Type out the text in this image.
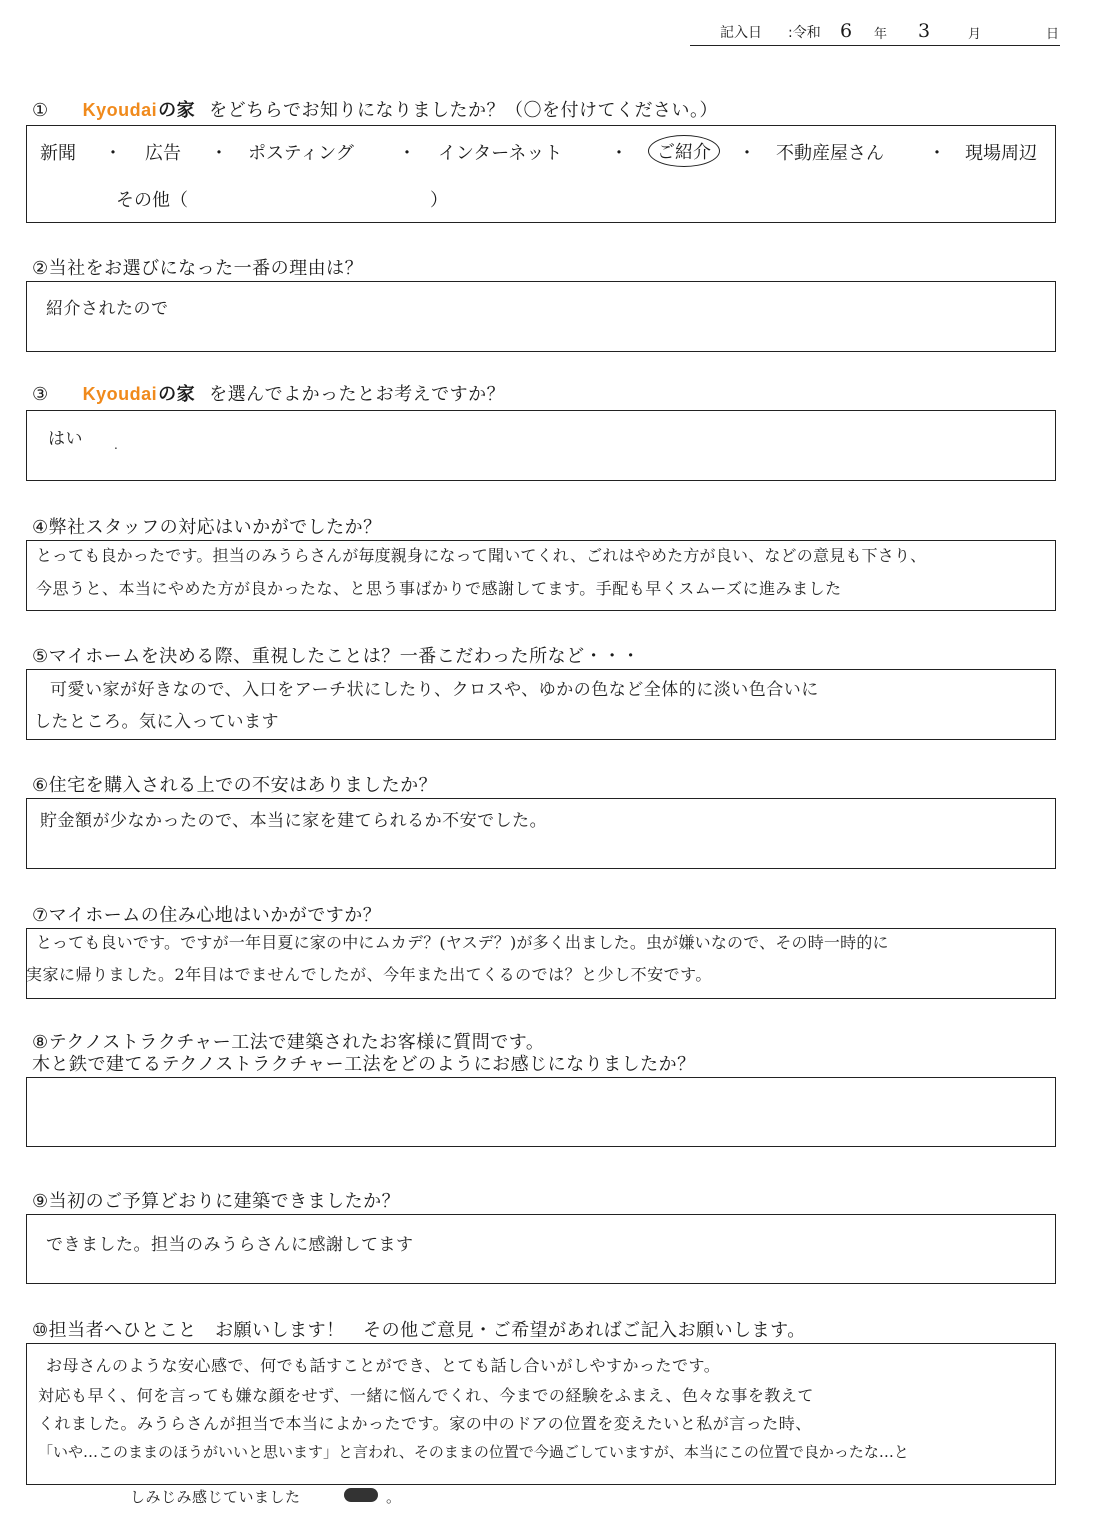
記入日 :令和 6 年 3	月	日
① Kyoudaiの家 をどちらでお知りになりましたか？（〇を付けてください。）
新聞 ・ 広告 ・ ポスティング ・ インターネット	・	ご紹介	・ 不動産屋さん ・ 現場周辺
その他（	）
②当社をお選びになった一番の理由は？
紹介されたので
③ Kyoudaiの家 を選んでよかったとお考えですか？
はい	.
④弊社スタッフの対応はいかがでしたか？
とっても良かったです。担当のみうらさんが毎度親身になって聞いてくれ、ごれはやめた方が良い、などの意見も下さり、
今思うと、本当にやめた方が良かったな、と思う事ばかりで感謝してます。手配も早くスムーズに進みました
⑤マイホームを決める際、重視したことは？一番こだわった所など・・・
可愛い家が好きなので、入口をアーチ状にしたり、クロスや、ゆかの色など全体的に淡い色合いに
したところ。気に入っています
⑥住宅を購入される上での不安はありましたか？
貯金額が少なかったので、本当に家を建てられるか不安でした。
⑦マイホームの住み心地はいかがですか？
とっても良いです。ですが一年目夏に家の中にムカデ？(ヤスデ？)が多く出ました。虫が嫌いなので、その時一時的に
実家に帰りました。2年目はでませんでしたが、今年また出てくるのでは？と少し不安です。
⑧テクノストラクチャー工法で建築されたお客様に質問です。
木と鉄で建てるテクノストラクチャー工法をどのようにお感じになりましたか？
⑨当初のご予算どおりに建築できましたか？
できました。担当のみうらさんに感謝してます
⑩担当者へひとこと　お願いします！　その他ご意見・ご希望があればご記入お願いします。
お母さんのような安心感で、何でも話すことができ、とても話し合いがしやすかったです。
対応も早く、何を言っても嫌な顔をせず、一緒に悩んでくれ、今までの経験をふまえ、色々な事を教えて
くれました。みうらさんが担当で本当によかったです。家の中のドアの位置を変えたいと私が言った時、
「いや…このままのほうがいいと思います」と言われ、そのままの位置で今過ごしていますが、本当にこの位置で良かったな…と
しみじみ感じていました	。
